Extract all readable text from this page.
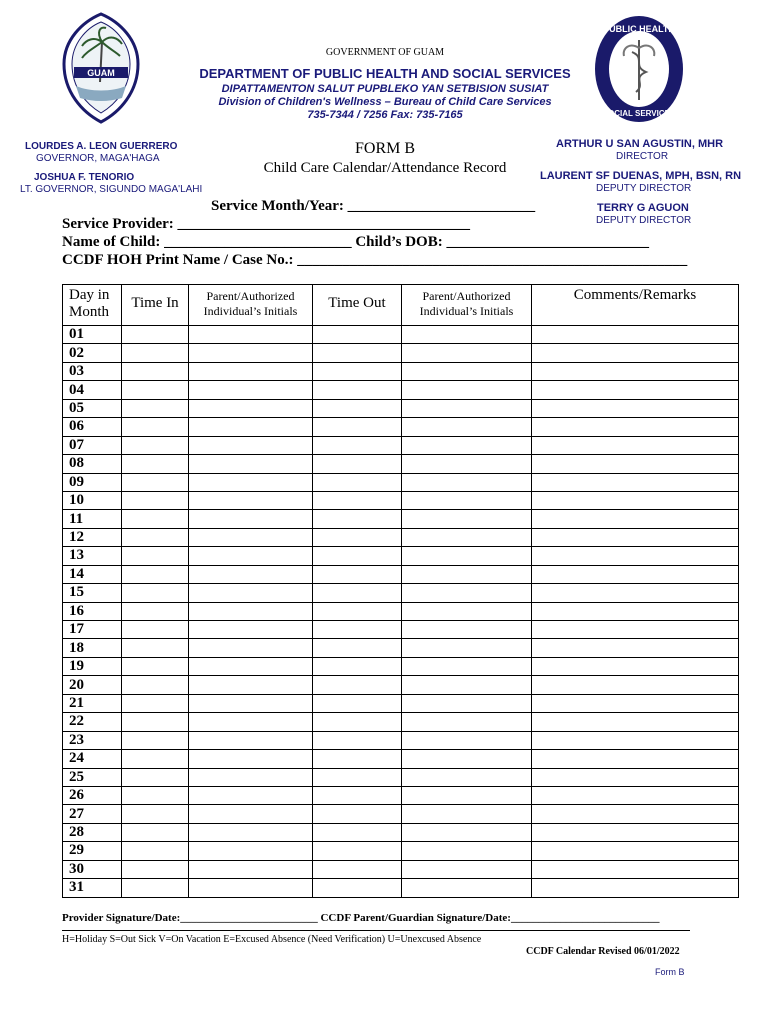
GUAM
PUBLIC HEALTH
SOCIAL SERVICES
GOVERNMENT OF GUAM
DEPARTMENT OF PUBLIC HEALTH AND SOCIAL SERVICES
DIPATTAMENTON SALUT PUPBLEKO YAN SETBISION SUSIAT
Division of Children's Wellness – Bureau of Child Care Services
735-7344 / 7256 Fax: 735-7165
LOURDES A. LEON GUERRERO
GOVERNOR, MAGA'HAGA
JOSHUA F. TENORIO
LT. GOVERNOR, SIGUNDO MAGA'LAHI
ARTHUR U SAN AGUSTIN, MHR
DIRECTOR
LAURENT SF DUENAS, MPH, BSN, RN
DEPUTY DIRECTOR
TERRY G AGUON
DEPUTY DIRECTOR
FORM B
Child Care Calendar/Attendance Record
Service Month/Year: _________________________
Service Provider: _______________________________________
Name of Child: _________________________ Child’s DOB: ___________________________
CCDF HOH Print Name / Case No.: ____________________________________________________
Day in
Month	Time In	Parent/Authorized
Individual’s Initials	Time Out	Parent/Authorized
Individual’s Initials	Comments/Remarks

01					
02					
03					
04					
05					
06					
07					
08					
09					
10					
11					
12					
13					
14					
15					
16					
17					
18					
19					
20					
21					
22					
23					
24					
25					
26					
27					
28					
29					
30					
31					
Provider Signature/Date:_________________________ CCDF Parent/Guardian Signature/Date:___________________________
H=Holiday S=Out Sick V=On Vacation E=Excused Absence (Need Verification) U=Unexcused Absence
CCDF Calendar Revised 06/01/2022
Form B
